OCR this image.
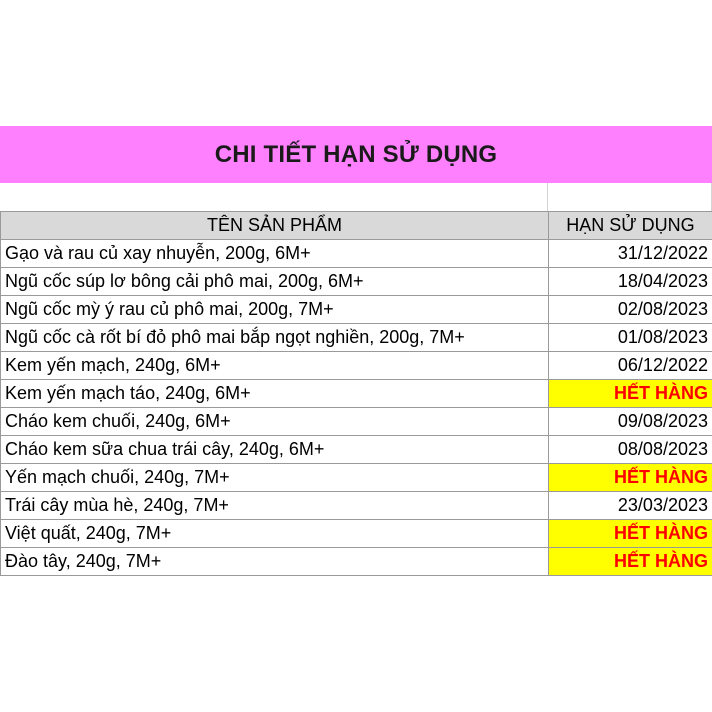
CHI TIẾT HẠN SỬ DỤNG
TÊN SẢN PHẨM	HẠN SỬ DỤNG
Gạo và rau củ xay nhuyễn, 200g, 6M+	31/12/2022
Ngũ cốc súp lơ bông cải phô mai, 200g, 6M+	18/04/2023
Ngũ cốc mỳ ý rau củ phô mai, 200g, 7M+	02/08/2023
Ngũ cốc cà rốt bí đỏ phô mai bắp ngọt nghiền, 200g, 7M+	01/08/2023
Kem yến mạch, 240g, 6M+	06/12/2022
Kem yến mạch táo, 240g, 6M+	HẾT HÀNG
Cháo kem chuối, 240g, 6M+	09/08/2023
Cháo kem sữa chua trái cây, 240g, 6M+	08/08/2023
Yến mạch chuối, 240g, 7M+	HẾT HÀNG
Trái cây mùa hè, 240g, 7M+	23/03/2023
Việt quất, 240g, 7M+	HẾT HÀNG
Đào tây, 240g, 7M+	HẾT HÀNG
